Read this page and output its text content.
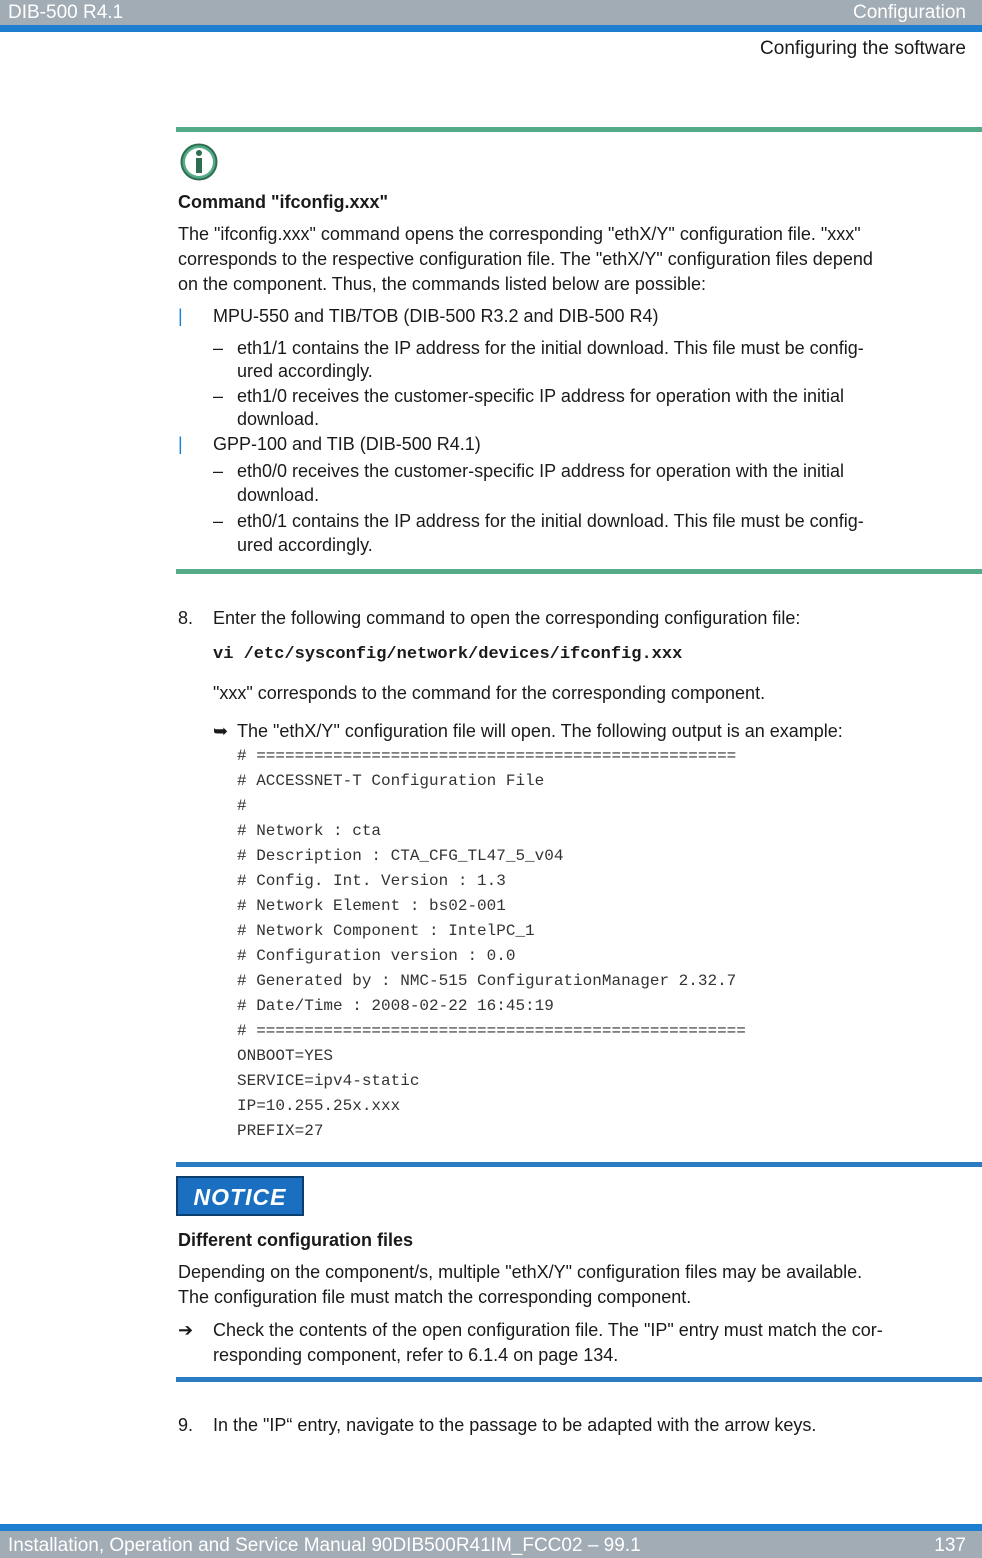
DIB-500 R4.1	Configuration
Configuring the software
Command "ifconfig.xxx"
The "ifconfig.xxx" command opens the corresponding "ethX/Y" configuration file. "xxx"
corresponds to the respective configuration file. The "ethX/Y" configuration files depend
on the component. Thus, the commands listed below are possible:
| MPU-550 and TIB/TOB (DIB-500 R3.2 and DIB-500 R4)
– eth1/1 contains the IP address for the initial download. This file must be config-
ured accordingly.
– eth1/0 receives the customer-specific IP address for operation with the initial
download.
| GPP-100 and TIB (DIB-500 R4.1)
– eth0/0 receives the customer-specific IP address for operation with the initial
download.
– eth0/1 contains the IP address for the initial download. This file must be config-
ured accordingly.
8. Enter the following command to open the corresponding configuration file:
vi /etc/sysconfig/network/devices/ifconfig.xxx
"xxx" corresponds to the command for the corresponding component.
➥ The "ethX/Y" configuration file will open. The following output is an example:
# ==================================================
# ACCESSNET-T Configuration File
#
# Network : cta
# Description : CTA_CFG_TL47_5_v04
# Config. Int. Version : 1.3
# Network Element : bs02-001
# Network Component : IntelPC_1
# Configuration version : 0.0
# Generated by : NMC-515 ConfigurationManager 2.32.7
# Date/Time : 2008-02-22 16:45:19
# ===================================================
ONBOOT=YES
SERVICE=ipv4-static
IP=10.255.25x.xxx
PREFIX=27
NOTICE
Different configuration files
Depending on the component/s, multiple "ethX/Y" configuration files may be available.
The configuration file must match the corresponding component.
➔ Check the contents of the open configuration file. The "IP" entry must match the cor-
responding component, refer to 6.1.4 on page 134.
9. In the "IP“ entry, navigate to the passage to be adapted with the arrow keys.
Installation, Operation and Service Manual 90DIB500R41IM_FCC02 – 99.1	137
